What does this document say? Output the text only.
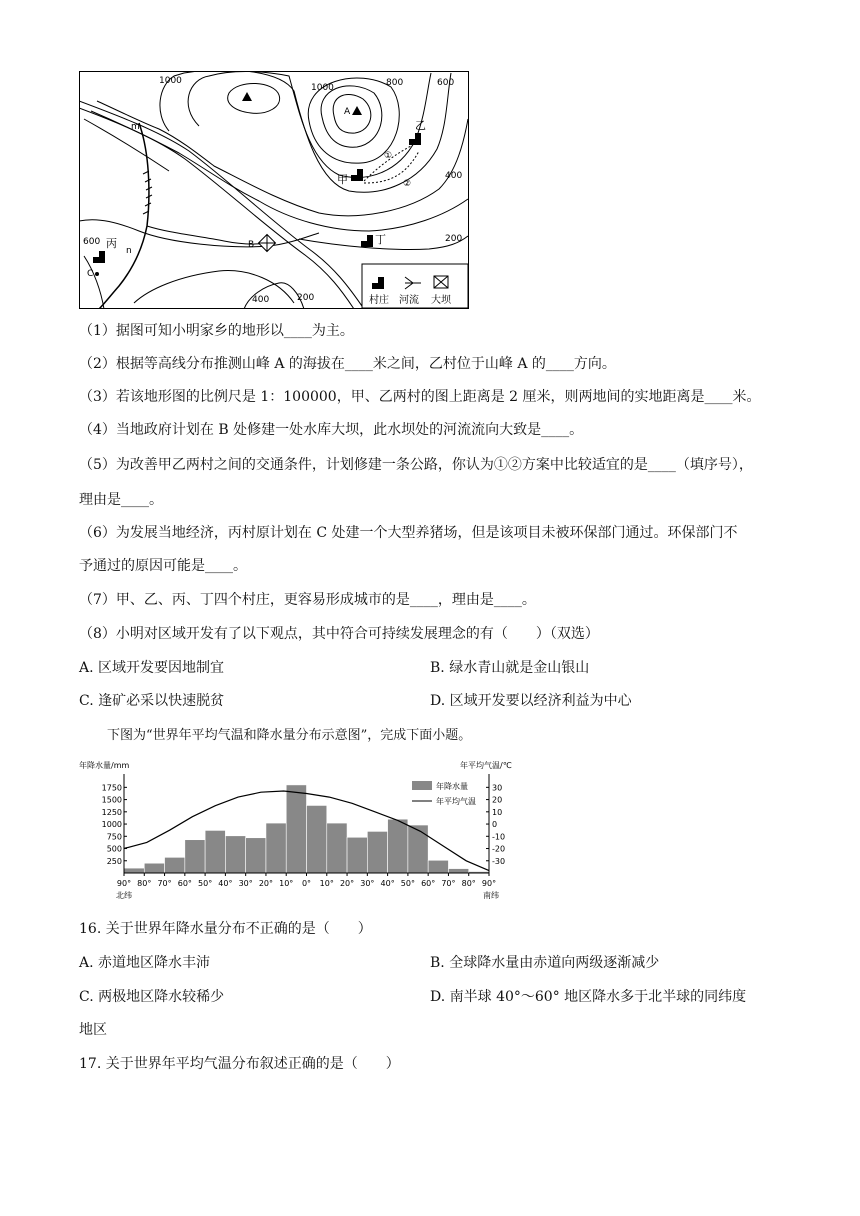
1000
1000	800	600
400
200
400	200
600
A
B
C
m
n
①
②
乙
甲
丁
丙
村庄 河流 大坝
（1）据图可知小明家乡的地形以____为主。
（2）根据等高线分布推测山峰 A 的海拔在____米之间，乙村位于山峰 A 的____方向。
（3）若该地形图的比例尺是 1：100000，甲、乙两村的图上距离是 2 厘米，则两地间的实地距离是____米。
（4）当地政府计划在 B 处修建一处水库大坝，此水坝处的河流流向大致是____。
（5）为改善甲乙两村之间的交通条件，计划修建一条公路，你认为①②方案中比较适宜的是____（填序号），
理由是____。
（6）为发展当地经济，丙村原计划在 C 处建一个大型养猪场，但是该项目未被环保部门通过。环保部门不
予通过的原因可能是____。
（7）甲、乙、丙、丁四个村庄，更容易形成城市的是____，理由是____。
（8）小明对区域开发有了以下观点，其中符合可持续发展理念的有（　　）（双选）
A. 区域开发要因地制宜	B. 绿水青山就是金山银山
C. 逢矿必采以快速脱贫	D. 区域开发要以经济利益为中心
下图为“世界年平均气温和降水量分布示意图”，完成下面小题。
年降水量/mm	年平均气温/℃
1750
1500
1250
1000
750
500
250
30
20
10
0
-10
-20
-30
90° 80° 70° 60° 50° 40° 30° 20° 10° 0° 10° 20° 30° 40° 50° 60° 70° 80° 90°
年降水量
年平均气温
北纬	南纬
16. 关于世界年降水量分布不正确的是（　　）
A. 赤道地区降水丰沛	B. 全球降水量由赤道向两级逐渐减少
C. 两极地区降水较稀少	D. 南半球 40°～60° 地区降水多于北半球的同纬度
地区
17. 关于世界年平均气温分布叙述正确的是（　　）
